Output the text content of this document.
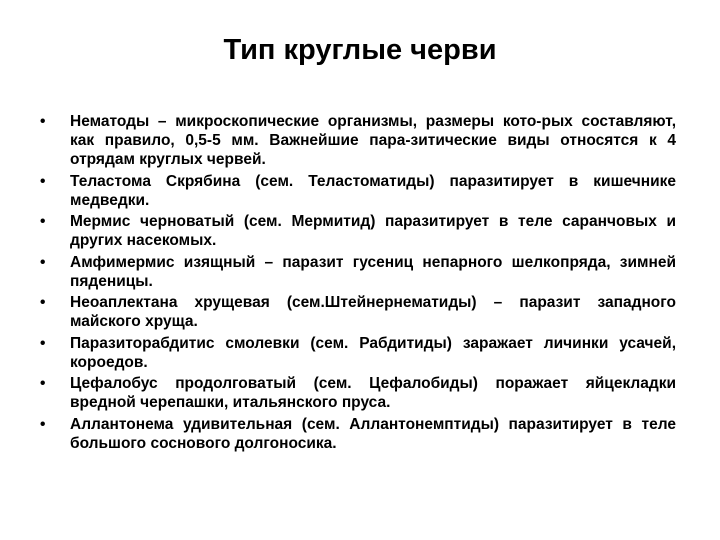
Тип круглые черви
•	Нематоды – микроскопические организмы, размеры кото-рых составляют, как правило, 0,5-5 мм. Важнейшие пара-зитические виды относятся к 4 отрядам круглых червей.
•	Теластома Скрябина (сем. Теластоматиды) паразитирует в кишечнике медведки.
•	Мермис черноватый (сем. Мермитид) паразитирует в теле саранчовых и других насекомых.
•	Амфимермис изящный – паразит гусениц непарного шелкопряда, зимней пяденицы.
•	Неоаплектана хрущевая (сем.Штейнернематиды) – паразит западного майского хруща.
•	Паразиторабдитис смолевки (сем. Рабдитиды) заражает личинки усачей, короедов.
•	Цефалобус продолговатый (сем. Цефалобиды) поражает яйцекладки вредной черепашки, итальянского пруса.
•	Аллантонема удивительная (сем. Аллантонемптиды) паразитирует в теле большого соснового долгоносика.
